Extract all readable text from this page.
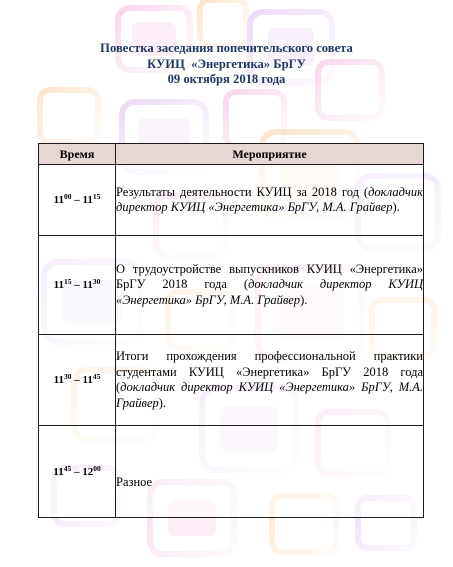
Повестка заседания попечительского совета
КУИЦ  «Энергетика» БрГУ
09 октября 2018 года
Время	Мероприятие
$11^{00} - 11^{15}$	Результаты деятельности КУИЦ за 2018 год (докладчик директор КУИЦ «Энергетика» БрГУ, М.А. Грайвер).
$11^{15} - 11^{30}$	О трудоустройстве выпускников КУИЦ «Энергетика» БрГУ 2018 года (докладчик директор КУИЦ «Энергетика» БрГУ, М.А. Грайвер).
$11^{30} - 11^{45}$	Итоги прохождения профессиональной практики студентами КУИЦ «Энергетика» БрГУ 2018 года (докладчик директор КУИЦ «Энергетика» БрГУ, М.А. Грайвер).
$11^{45} - 12^{00}$	Разное
